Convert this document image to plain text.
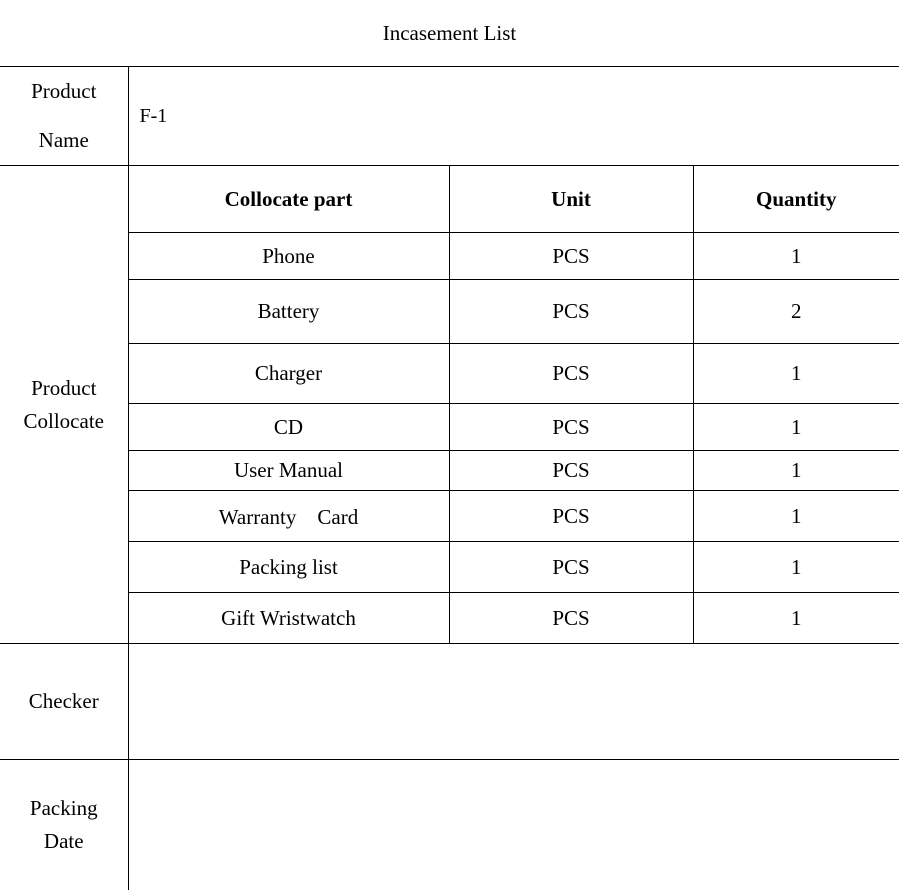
Incasement List
Product
Name	F-1		
Product
Collocate	Collocate part	Unit	Quantity
	Phone	PCS	1
	Battery	PCS	2
	Charger	PCS	1
	CD	PCS	1
	User Manual	PCS	1
	Warranty　Card	PCS	1
	Packing list	PCS	1
	Gift Wristwatch	PCS	1
Checker			
Packing
Date			
